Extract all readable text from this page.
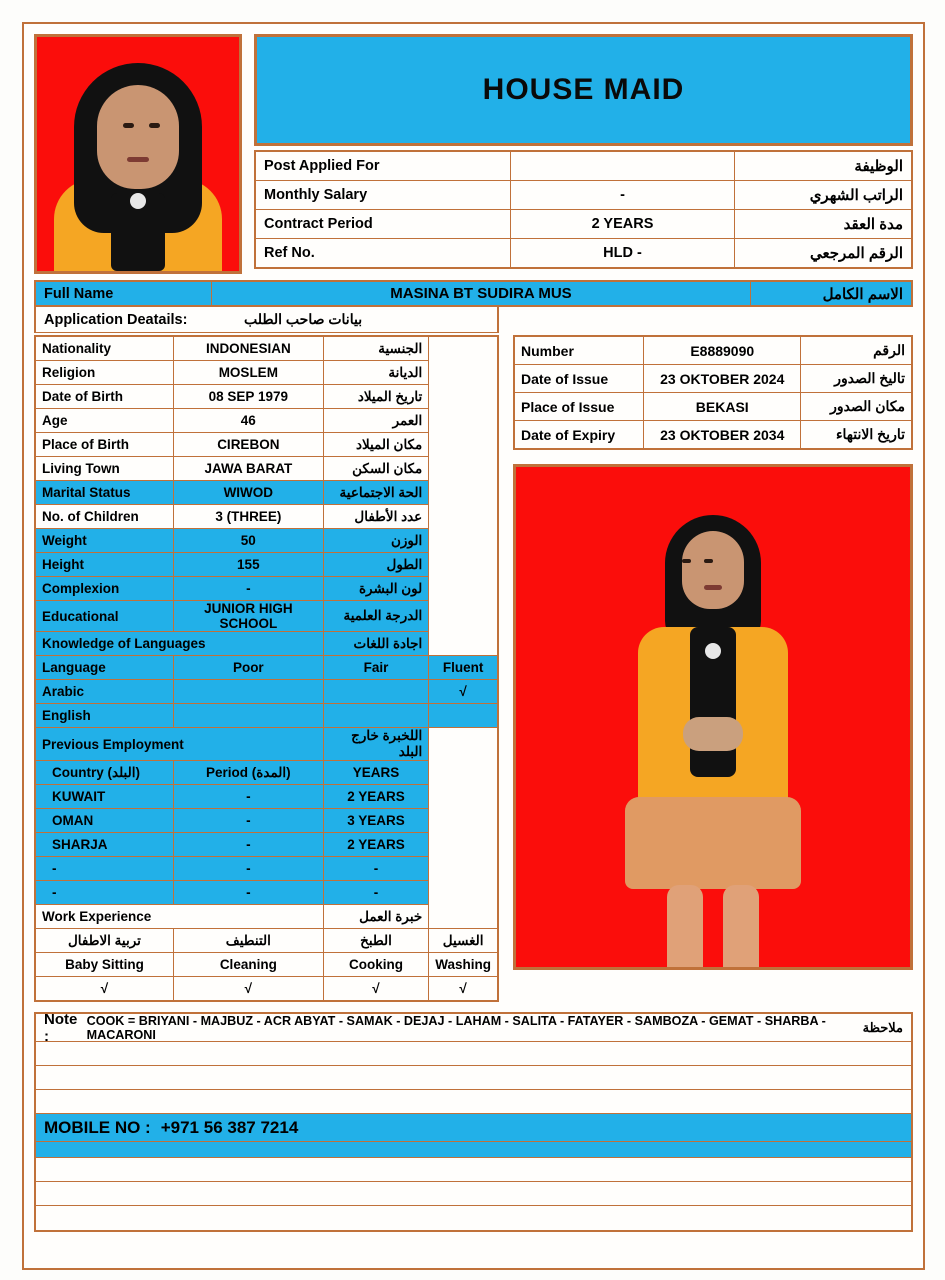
HOUSE MAID
Post Applied For		الوظيفة
Monthly Salary	-	الراتب الشهري
Contract Period	2 YEARS	مدة العقد
Ref No.	HLD -	الرقم المرجعي
Full Name	MASINA BT SUDIRA MUS	الاسم الكامل
Application Deatails:	بيانات صاحب الطلب
Nationality	INDONESIAN	الجنسية	
Religion	MOSLEM	الديانة	
Date of Birth	08 SEP 1979	تاريخ الميلاد	
Age	46	العمر	
Place of Birth	CIREBON	مكان الميلاد	
Living Town	JAWA BARAT	مكان السكن	
Marital Status	WIWOD	الحة الاجتماعية	
No. of Children	3 (THREE)	عدد الأطفال	
Weight	50	الوزن	
Height	155	الطول	
Complexion	-	لون البشرة	
Educational	JUNIOR HIGH SCHOOL	الدرجة العلمية	
Knowledge of Languages		اجادة اللغات	
Language	Poor	Fair	Fluent
Arabic			√
English			
Previous Employment		اللخبرة خارج البلد	
Country (البلد)	Period (المدة)	YEARS	
KUWAIT	-	2 YEARS	
OMAN	-	3 YEARS	
SHARJA	-	2 YEARS	
-	-	-	
-	-	-	
Work Experience		خبرة العمل	
تربية الاطفال	التنطيف	الطبخ	الغسيل
Baby Sitting	Cleaning	Cooking	Washing
√	√	√	√
Number	E8889090	الرقم
Date of Issue	23 OKTOBER 2024	تاليخ الصدور
Place of Issue	BEKASI	مكان الصدور
Date of Expiry	23 OKTOBER 2034	تاريخ الانتهاء
Note :
COOK = BRIYANI - MAJBUZ - ACR ABYAT - SAMAK - DEJAJ - LAHAM - SALITA - FATAYER - SAMBOZA - GEMAT - SHARBA - MACARONI	ملاحظة
MOBILE NO : +971 56 387 7214
